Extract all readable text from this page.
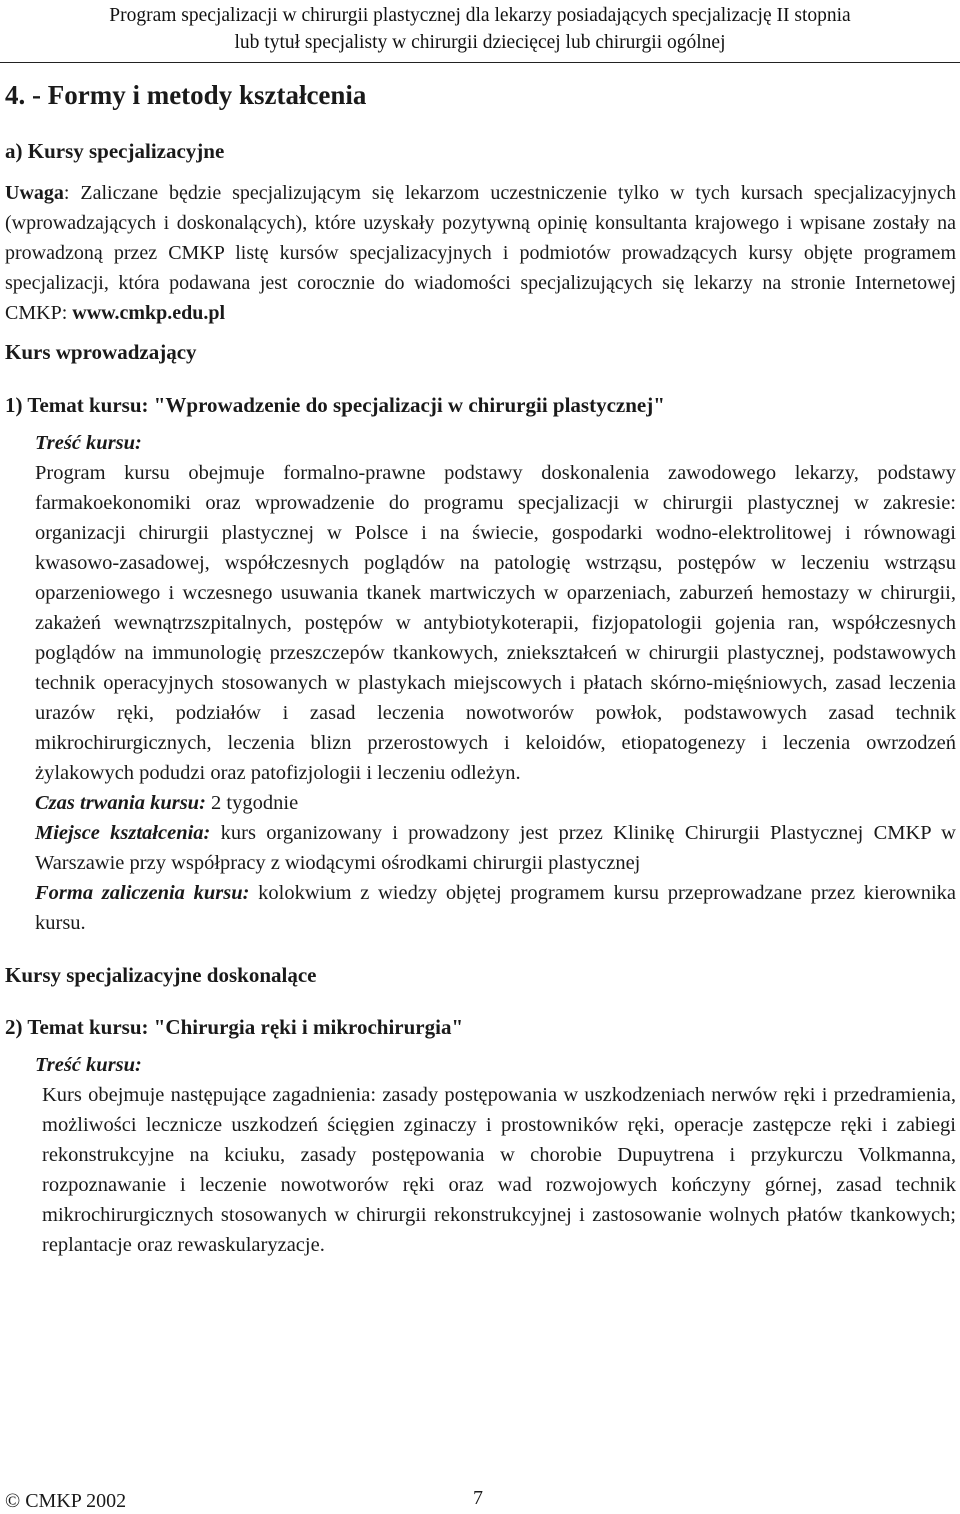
Program specjalizacji w chirurgii plastycznej dla lekarzy posiadających specjalizację II stopnia
lub tytuł specjalisty w chirurgii dziecięcej lub chirurgii ogólnej
4. - Formy i metody kształcenia
a) Kursy specjalizacyjne

Uwaga: Zaliczane będzie specjalizującym się lekarzom uczestniczenie tylko w tych kursach specjalizacyjnych (wprowadzających i doskonalących), które uzyskały pozytywną opinię konsultanta krajowego i wpisane zostały na prowadzoną przez CMKP listę kursów specjalizacyjnych i podmiotów prowadzących kursy objęte programem specjalizacji, która podawana jest corocznie do wiadomości specjalizujących się lekarzy na stronie Internetowej CMKP: www.cmkp.edu.pl

Kurs wprowadzający
1) Temat kursu: "Wprowadzenie do specjalizacji w chirurgii plastycznej"

Treść kursu:

Program kursu obejmuje formalno-prawne podstawy doskonalenia zawodowego lekarzy, podstawy farmakoekonomiki oraz wprowadzenie do programu specjalizacji w chirurgii plastycznej w zakresie: organizacji chirurgii plastycznej w Polsce i na świecie, gospodarki wodno-elektrolitowej i równowagi kwasowo-zasadowej, współczesnych poglądów na patologię wstrząsu, postępów w leczeniu wstrząsu oparzeniowego i wczesnego usuwania tkanek martwiczych w oparzeniach, zaburzeń hemostazy w chirurgii, zakażeń wewnątrzszpitalnych, postępów w antybiotykoterapii, fizjopatologii gojenia ran, współczesnych poglądów na immunologię przeszczepów tkankowych, zniekształceń w chirurgii plastycznej, podstawowych technik operacyjnych stosowanych w plastykach miejscowych i płatach skórno-mięśniowych, zasad leczenia urazów ręki, podziałów i zasad leczenia nowotworów powłok, podstawowych zasad technik mikrochirurgicznych, leczenia blizn przerostowych i keloidów, etiopatogenezy i leczenia owrzodzeń żylakowych podudzi oraz patofizjologii i leczeniu odleżyn.

Czas trwania kursu: 2 tygodnie

Miejsce kształcenia: kurs organizowany i prowadzony jest przez Klinikę Chirurgii Plastycznej CMKP w Warszawie przy współpracy z wiodącymi ośrodkami chirurgii plastycznej

Forma zaliczenia kursu: kolokwium z wiedzy objętej programem kursu przeprowadzane przez kierownika kursu.

Kursy specjalizacyjne doskonalące
2) Temat kursu: "Chirurgia ręki i mikrochirurgia"

Treść kursu:

Kurs obejmuje następujące zagadnienia: zasady postępowania w uszkodzeniach nerwów ręki i przedramienia, możliwości lecznicze uszkodzeń ścięgien zginaczy i prostowników ręki, operacje zastępcze ręki i zabiegi rekonstrukcyjne na kciuku, zasady postępowania w chorobie Dupuytrena i przykurczu Volkmanna, rozpoznawanie i leczenie nowotworów ręki oraz wad rozwojowych kończyny górnej, zasad technik mikrochirurgicznych stosowanych w chirurgii rekonstrukcyjnej i zastosowanie wolnych płatów tkankowych; replantacje oraz rewaskularyzacje.

© CMKP 2002	7
